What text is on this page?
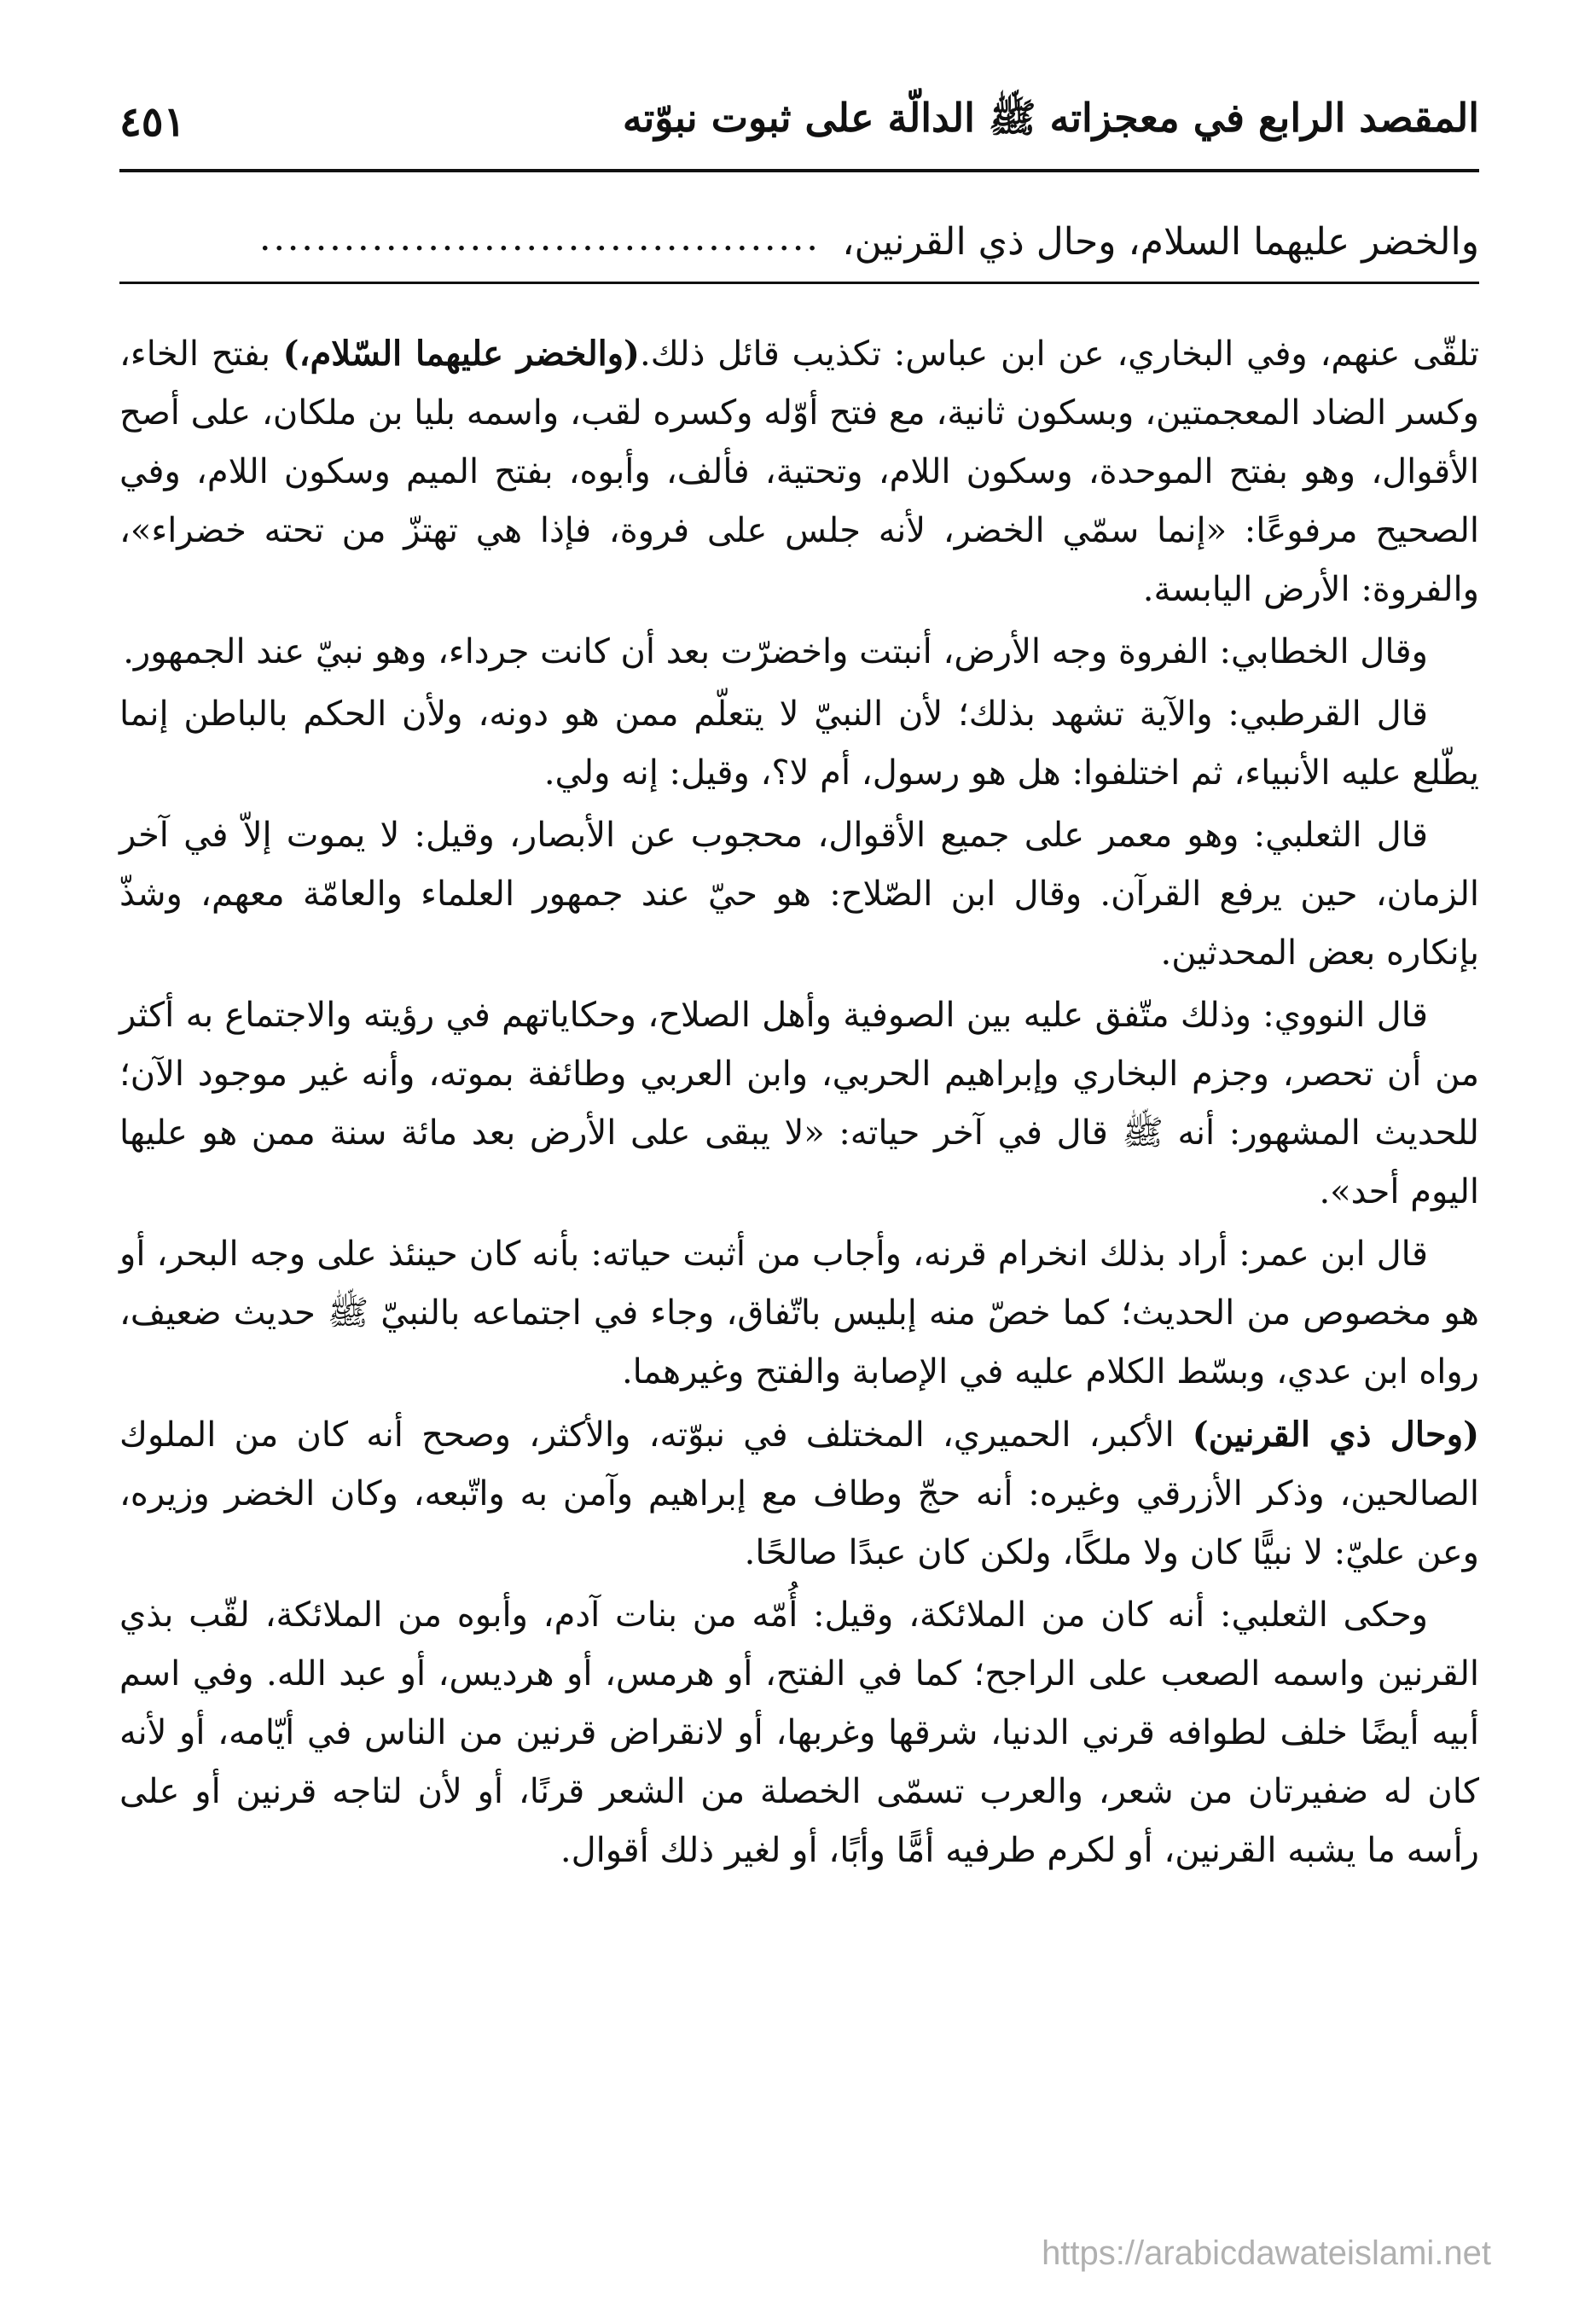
المقصد الرابع في معجزاته ﷺ الدالّة على ثبوت نبوّته
٤٥١
والخضر عليهما السلام، وحال ذي القرنين،
........................................

تلقّى عنهم، وفي البخاري، عن ابن عباس: تكذيب قائل ذلك.(والخضر عليهما السّلام،) بفتح الخاء، وكسر الضاد المعجمتين، وبسكون ثانية، مع فتح أوّله وكسره لقب، واسمه بليا بن ملكان، على أصح الأقوال، وهو بفتح الموحدة، وسكون اللام، وتحتية، فألف، وأبوه، بفتح الميم وسكون اللام، وفي الصحيح مرفوعًا: «إنما سمّي الخضر، لأنه جلس على فروة، فإذا هي تهتزّ من تحته خضراء»، والفروة: الأرض اليابسة.

وقال الخطابي: الفروة وجه الأرض، أنبتت واخضرّت بعد أن كانت جرداء، وهو نبيّ عند الجمهور.

قال القرطبي: والآية تشهد بذلك؛ لأن النبيّ لا يتعلّم ممن هو دونه، ولأن الحكم بالباطن إنما يطّلع عليه الأنبياء، ثم اختلفوا: هل هو رسول، أم لا؟، وقيل: إنه ولي.

قال الثعلبي: وهو معمر على جميع الأقوال، محجوب عن الأبصار، وقيل: لا يموت إلاّ في آخر الزمان، حين يرفع القرآن. وقال ابن الصّلاح: هو حيّ عند جمهور العلماء والعامّة معهم، وشذّ بإنكاره بعض المحدثين.

قال النووي: وذلك متّفق عليه بين الصوفية وأهل الصلاح، وحكاياتهم في رؤيته والاجتماع به أكثر من أن تحصر، وجزم البخاري وإبراهيم الحربي، وابن العربي وطائفة بموته، وأنه غير موجود الآن؛ للحديث المشهور: أنه ﷺ قال في آخر حياته: «لا يبقى على الأرض بعد مائة سنة ممن هو عليها اليوم أحد».

قال ابن عمر: أراد بذلك انخرام قرنه، وأجاب من أثبت حياته: بأنه كان حينئذ على وجه البحر، أو هو مخصوص من الحديث؛ كما خصّ منه إبليس باتّفاق، وجاء في اجتماعه بالنبيّ ﷺ حديث ضعيف، رواه ابن عدي، وبسّط الكلام عليه في الإصابة والفتح وغيرهما.

(وحال ذي القرنين) الأكبر، الحميري، المختلف في نبوّته، والأكثر، وصحح أنه كان من الملوك الصالحين، وذكر الأزرقي وغيره: أنه حجّ وطاف مع إبراهيم وآمن به واتّبعه، وكان الخضر وزيره، وعن عليّ: لا نبيًّا كان ولا ملكًا، ولكن كان عبدًا صالحًا.

وحكى الثعلبي: أنه كان من الملائكة، وقيل: أُمّه من بنات آدم، وأبوه من الملائكة، لقّب بذي القرنين واسمه الصعب على الراجح؛ كما في الفتح، أو هرمس، أو هرديس، أو عبد الله. وفي اسم أبيه أيضًا خلف لطوافه قرني الدنيا، شرقها وغربها، أو لانقراض قرنين من الناس في أيّامه، أو لأنه كان له ضفيرتان من شعر، والعرب تسمّى الخصلة من الشعر قرنًا، أو لأن لتاجه قرنين أو على رأسه ما يشبه القرنين، أو لكرم طرفيه أمًّا وأبًا، أو لغير ذلك أقوال.

https://arabicdawateislami.net
